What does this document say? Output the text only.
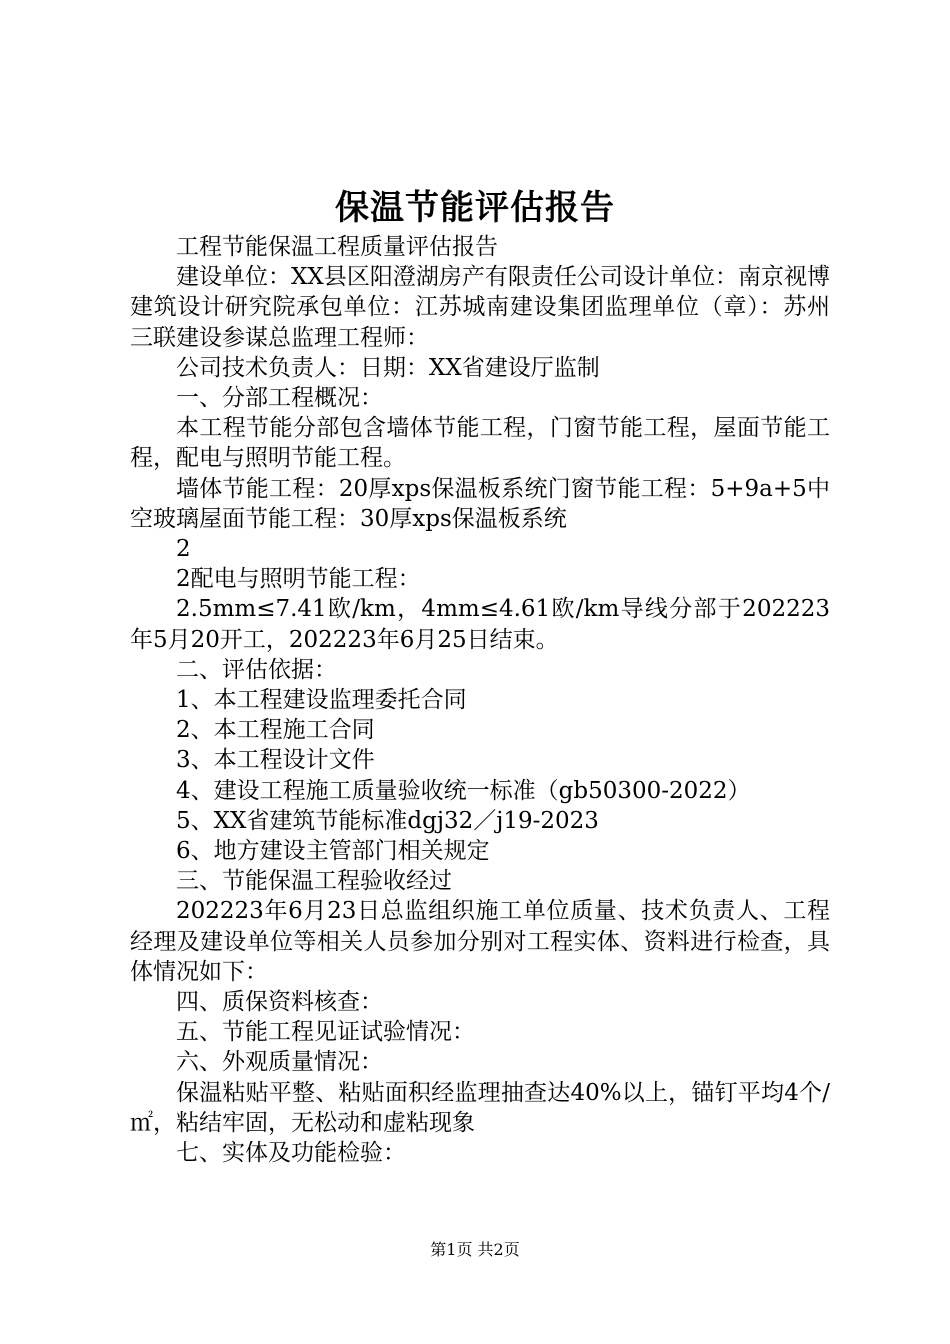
保温节能评估报告

工程节能保温工程质量评估报告

建设单位：XX县区阳澄湖房产有限责任公司设计单位：南京视博建筑设计研究院承包单位：江苏城南建设集团监理单位（章）：苏州三联建设参谋总监理工程师：

公司技术负责人：日期：XX省建设厅监制

一、分部工程概况：

本工程节能分部包含墙体节能工程，门窗节能工程，屋面节能工程，配电与照明节能工程。

墙体节能工程：20厚xps保温板系统门窗节能工程：5+9a+5中空玻璃屋面节能工程：30厚xps保温板系统

2

2配电与照明节能工程：

2.5mm≤7.41欧/km，4mm≤4.61欧/km导线分部于202223年5月20开工，202223年6月25日结束。

二、评估依据：

1、本工程建设监理委托合同

2、本工程施工合同

3、本工程设计文件

4、建设工程施工质量验收统一标准（gb50300-2022）

5、XX省建筑节能标准dgj32／j19-2023

6、地方建设主管部门相关规定

三、节能保温工程验收经过

202223年6月23日总监组织施工单位质量、技术负责人、工程经理及建设单位等相关人员参加分别对工程实体、资料进行检查，具体情况如下：

四、质保资料核查：

五、节能工程见证试验情况：

六、外观质量情况：

保温粘贴平整、粘贴面积经监理抽查达40%以上，锚钉平均4个/㎡，粘结牢固，无松动和虚粘现象

七、实体及功能检验：

第1页 共2页
